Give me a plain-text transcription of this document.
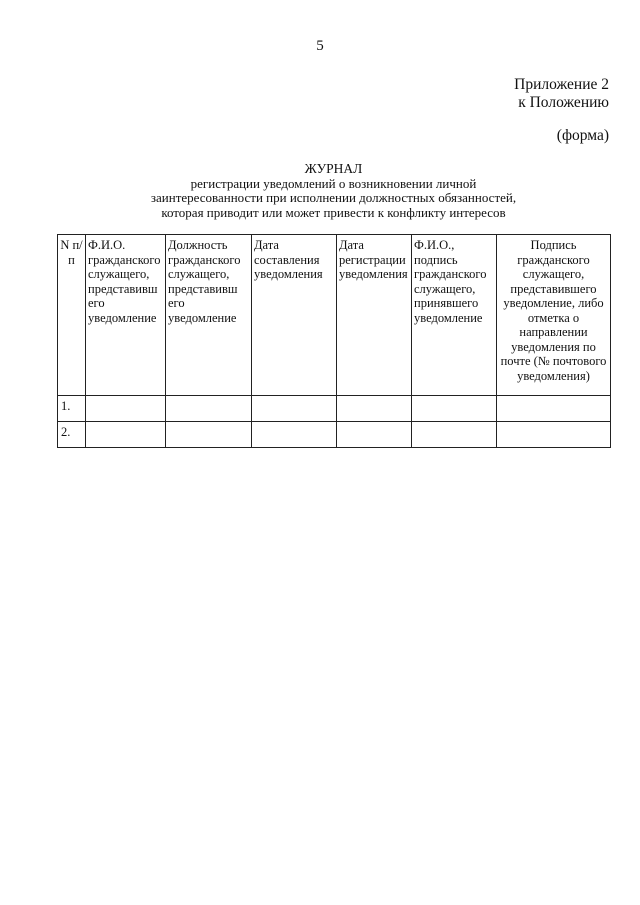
5
Приложение 2
к Положению
(форма)
ЖУРНАЛ
регистрации уведомлений о возникновении личной
заинтересованности при исполнении должностных обязанностей,
которая приводит или может привести к конфликту интересов
N п/п	Ф.И.О. гражданского служащего, представивш его уведомление	Должность гражданского служащего, представивш его уведомление	Дата составления уведомления	Дата регистрации уведомления	Ф.И.О., подпись гражданского служащего, принявшего уведомление	Подпись гражданского служащего, представившего уведомление, либо отметка о направлении уведомления по почте (№ почтового уведомления)
1.						
2.						
